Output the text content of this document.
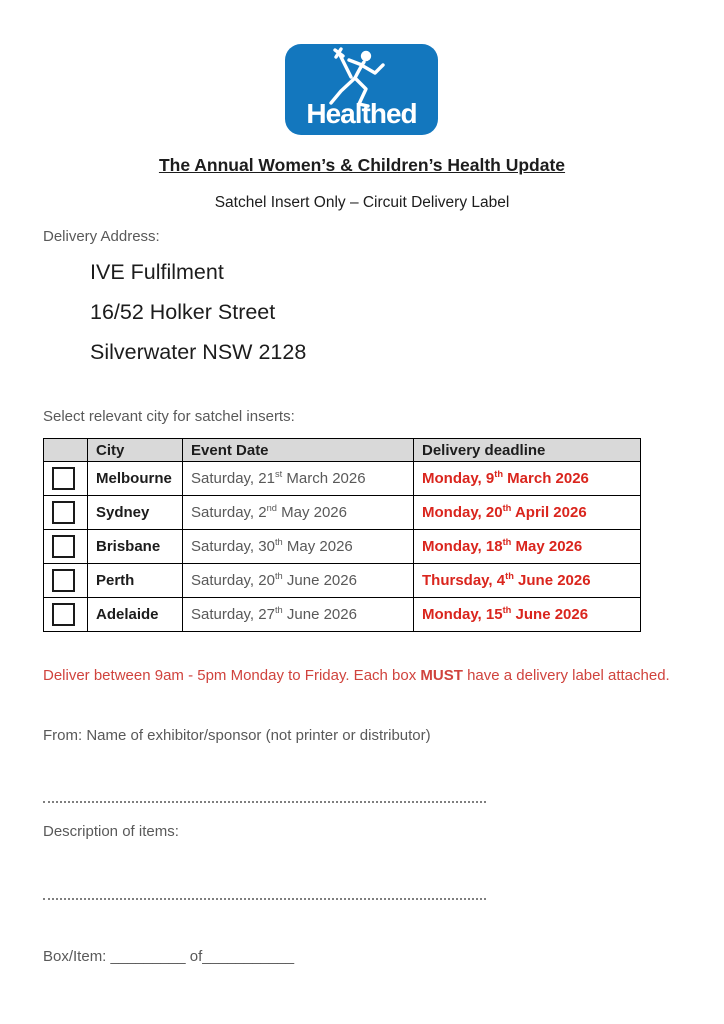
Healthed
The Annual Women’s & Children’s Health Update
Satchel Insert Only – Circuit Delivery Label
Delivery Address:
IVE Fulfilment
16/52 Holker Street
Silverwater NSW 2128
Select relevant city for satchel inserts:
	City	Event Date	Delivery deadline
	Melbourne	Saturday, 21st March 2026	Monday, 9th March 2026
	Sydney	Saturday, 2nd May 2026	Monday, 20th April 2026
	Brisbane	Saturday, 30th May 2026	Monday, 18th May 2026
	Perth	Saturday, 20th June 2026	Thursday, 4th June 2026
	Adelaide	Saturday, 27th June 2026	Monday, 15th June 2026
Deliver between 9am - 5pm Monday to Friday. Each box MUST have a delivery label attached.
From: Name of exhibitor/sponsor (not printer or distributor)
Description of items:
Box/Item: _________ of___________
